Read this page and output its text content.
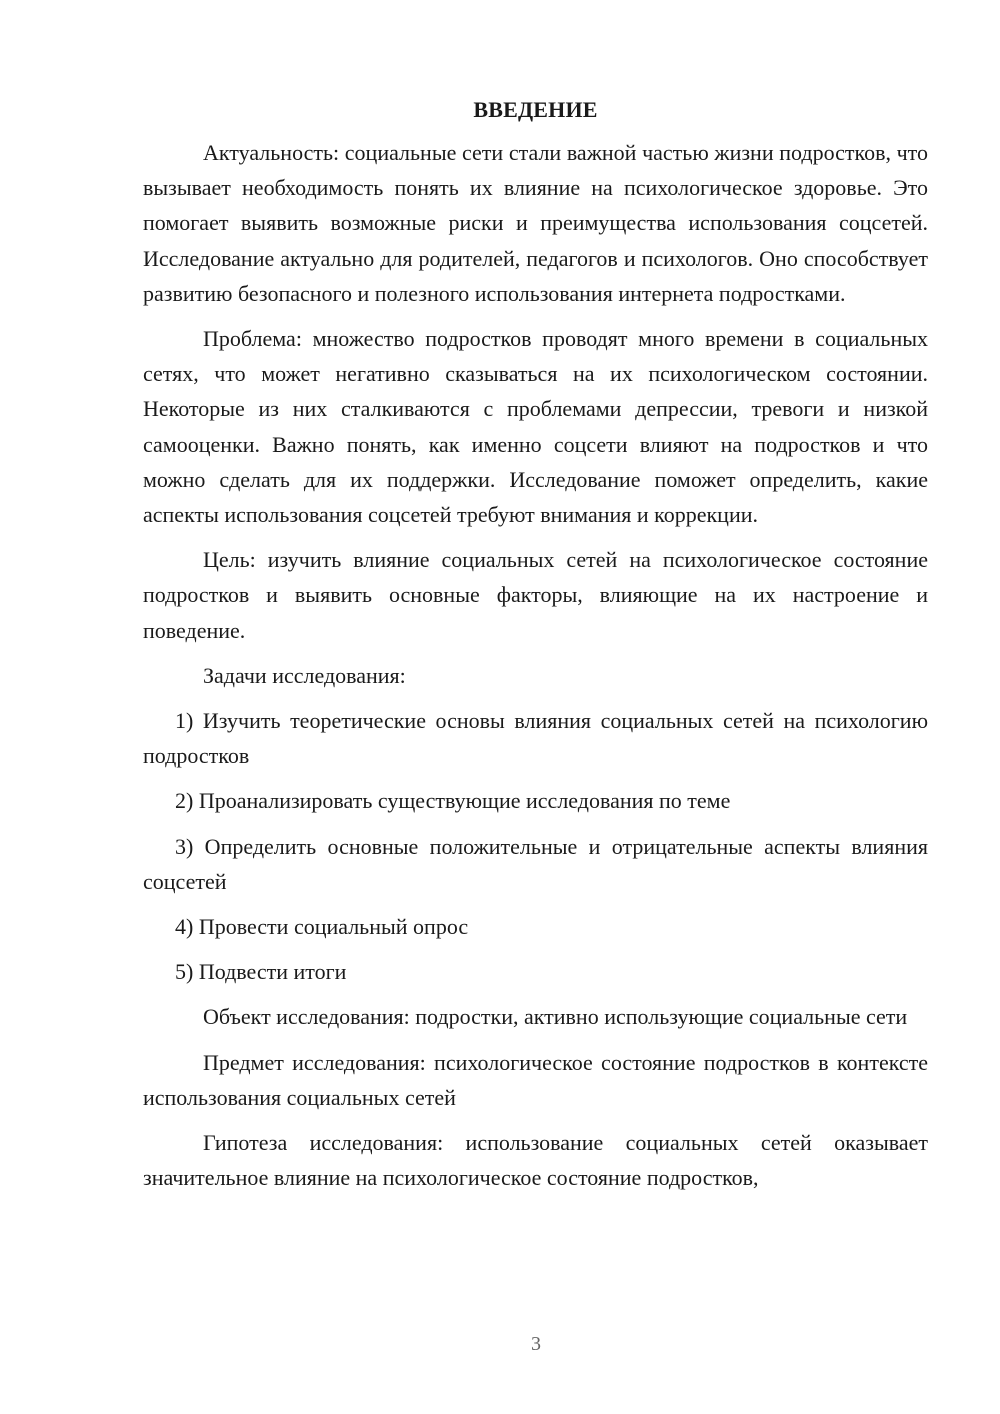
ВВЕДЕНИЕ

Актуальность: социальные сети стали важной частью жизни подростков, что вызывает необходимость понять их влияние на психологическое здоровье. Это помогает выявить возможные риски и преимущества использования соцсетей. Исследование актуально для родителей, педагогов и психологов. Оно способствует развитию безопасного и полезного использования интернета подростками.

Проблема: множество подростков проводят много времени в социальных сетях, что может негативно сказываться на их психологическом состоянии. Некоторые из них сталкиваются с проблемами депрессии, тревоги и низкой самооценки. Важно понять, как именно соцсети влияют на подростков и что можно сделать для их поддержки. Исследование поможет определить, какие аспекты использования соцсетей требуют внимания и коррекции.

Цель: изучить влияние социальных сетей на психологическое состояние подростков и выявить основные факторы, влияющие на их настроение и поведение.

Задачи исследования:

1) Изучить теоретические основы влияния социальных сетей на психологию подростков

2) Проанализировать существующие исследования по теме

3) Определить основные положительные и отрицательные аспекты влияния соцсетей

4) Провести социальный опрос

5) Подвести итоги

Объект исследования: подростки, активно использующие социальные сети

Предмет исследования: психологическое состояние подростков в контексте использования социальных сетей

Гипотеза исследования: использование социальных сетей оказывает значительное влияние на психологическое состояние подростков,

3
